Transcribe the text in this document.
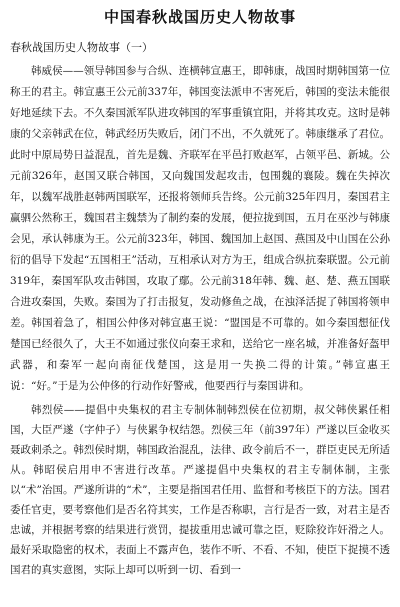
中国春秋战国历史人物故事

春秋战国历史人物故事（一）

韩威侯——领导韩国参与合纵、连横韩宣惠王，即韩康，战国时期韩国第一位称王的君主。韩宣惠王公元前337年，韩国变法派申不害死后，韩国的变法未能很好地延续下去。不久秦国派军队进攻韩国的军事重镇宜阳，并将其攻克。这时是韩康的父亲韩武在位，韩武经历失败后，闭门不出，不久就死了。韩康继承了君位。此时中原局势日益混乱，首先是魏、齐联军在平邑打败赵军，占领平邑、新城。公元前326年，赵国又联合韩国，又向魏国发起攻击，包围魏的襄陵。魏在失掉次年，以魏军战胜赵韩两国联军，还报将领师兵告终。公元前325年四月，秦国君主赢驷公然称王，魏国君主魏禁为了制约秦的发展，便拉拢到国，五月在巫沙与韩康会见，承认韩康为王。公元前323年，韩国、魏国加上赵国、燕国及中山国在公孙衍的倡导下发起“五国相王”活动，互相承认对方为王，组成合纵抗秦联盟。公元前319年，秦国军队攻击韩国，攻取了鄢。公元前318年韩、魏、赵、楚、燕五国联合进攻秦国，失败。秦国为了打击报复，发动修鱼之战，在浊泽活捉了韩国将领申差。韩国着急了，相国公仲侈对韩宣惠王说：“盟国是不可靠的。如今秦国想征伐楚国已经很久了，大王不如通过张仪向秦王求和，送给它一座名城，并准备好盔甲武器，和秦军一起向南征伐楚国，这是用一失换二得的计策。”韩宣惠王说：“好。”于是为公仲侈的行动作好警戒，他要西行与秦国讲和。

韩烈侯——提倡中央集权的君主专制体制韩烈侯在位初期，叔父韩侠累任相国，大臣严遂（字仲子）与侠累争权结怨。烈侯三年（前397年）严遂以巨金收买聂政刺杀之。韩烈侯时期，韩国政治混乱，法律、政令前后不一，群臣吏民无所适从。韩昭侯启用申不害进行改革。严遂提倡中央集权的君主专制体制，主张以“术”治国。严遂所讲的“术”，主要是指国君任用、监督和考核臣下的方法。国君委任官吏，要考察他们是否名符其实，工作是否称职，言行是否一致，对君主是否忠诚，并根据考察的结果进行赏罚，提拔重用忠诚可靠之臣，贬除狡诈奸滑之人。最好采取隐密的权术，表面上不露声色，装作不听、不看、不知，使臣下捉摸不透国君的真实意图，实际上却可以听到一切、看到一
